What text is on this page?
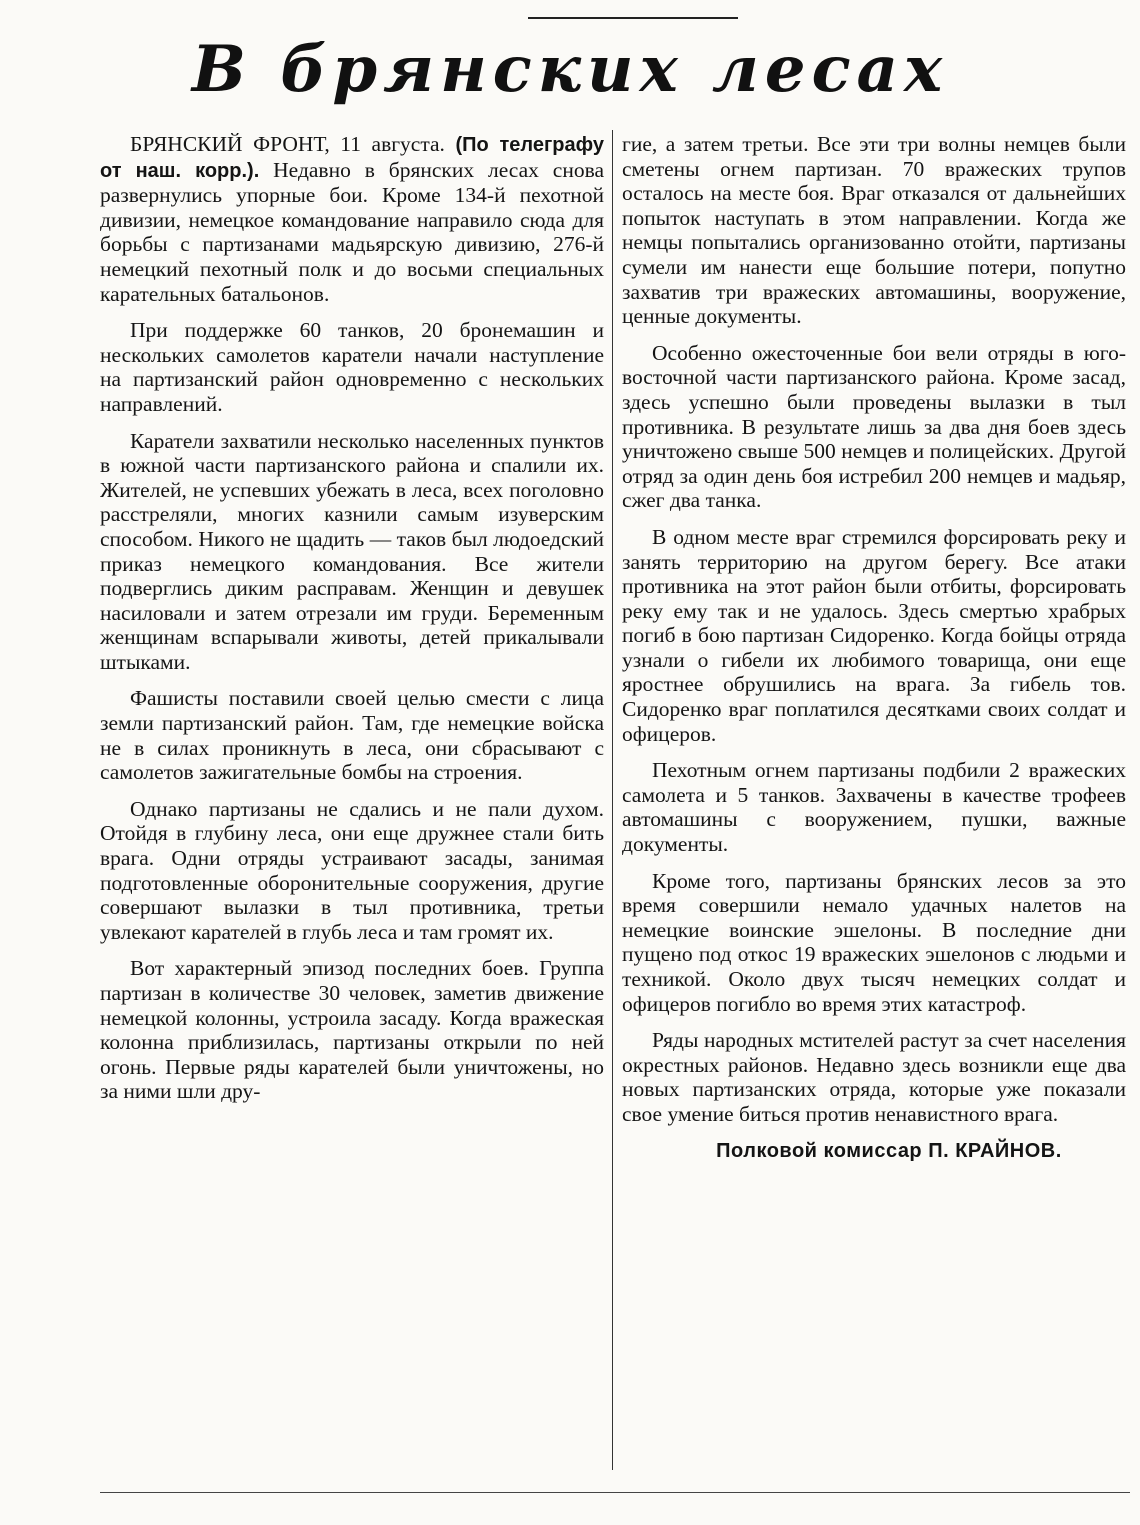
В брянских лесах

БРЯНСКИЙ ФРОНТ, 11 августа. (По телеграфу от наш. корр.). Недавно в брянских лесах снова развернулись упорные бои. Кроме 134-й пехотной дивизии, немецкое командование направило сюда для борьбы с партизанами мадьярскую дивизию, 276-й немецкий пехотный полк и до восьми специальных карательных батальонов.

При поддержке 60 танков, 20 бронемашин и нескольких самолетов каратели начали наступление на партизанский район одновременно с нескольких направлений.

Каратели захватили несколько населенных пунктов в южной части партизанского района и спалили их. Жителей, не успевших убежать в леса, всех поголовно расстреляли, многих казнили самым изуверским способом. Никого не щадить — таков был людоедский приказ немецкого командования. Все жители подверглись диким расправам. Женщин и девушек насиловали и затем отрезали им груди. Беременным женщинам вспарывали животы, детей прикалывали штыками.

Фашисты поставили своей целью смести с лица земли партизанский район. Там, где немецкие войска не в силах проникнуть в леса, они сбрасывают с самолетов зажигательные бомбы на строения.

Однако партизаны не сдались и не пали духом. Отойдя в глубину леса, они еще дружнее стали бить врага. Одни отряды устраивают засады, занимая подготовленные оборонительные сооружения, другие совершают вылазки в тыл противника, третьи увлекают карателей в глубь леса и там громят их.

Вот характерный эпизод последних боев. Группа партизан в количестве 30 человек, заметив движение немецкой колонны, устроила засаду. Когда вражеская колонна приблизилась, партизаны открыли по ней огонь. Первые ряды карателей были уничтожены, но за ними шли дру-

гие, а затем третьи. Все эти три волны немцев были сметены огнем партизан. 70 вражеских трупов осталось на месте боя. Враг отказался от дальнейших попыток наступать в этом направлении. Когда же немцы попытались организованно отойти, партизаны сумели им нанести еще большие потери, попутно захватив три вражеских автомашины, вооружение, ценные документы.

Особенно ожесточенные бои вели отряды в юго-восточной части партизанского района. Кроме засад, здесь успешно были проведены вылазки в тыл противника. В результате лишь за два дня боев здесь уничтожено свыше 500 немцев и полицейских. Другой отряд за один день боя истребил 200 немцев и мадьяр, сжег два танка.

В одном месте враг стремился форсировать реку и занять территорию на другом берегу. Все атаки противника на этот район были отбиты, форсировать реку ему так и не удалось. Здесь смертью храбрых погиб в бою партизан Сидоренко. Когда бойцы отряда узнали о гибели их любимого товарища, они еще яростнее обрушились на врага. За гибель тов. Сидоренко враг поплатился десятками своих солдат и офицеров.

Пехотным огнем партизаны подбили 2 вражеских самолета и 5 танков. Захвачены в качестве трофеев автомашины с вооружением, пушки, важные документы.

Кроме того, партизаны брянских лесов за это время совершили немало удачных налетов на немецкие воинские эшелоны. В последние дни пущено под откос 19 вражеских эшелонов с людьми и техникой. Около двух тысяч немецких солдат и офицеров погибло во время этих катастроф.

Ряды народных мстителей растут за счет населения окрестных районов. Недавно здесь возникли еще два новых партизанских отряда, которые уже показали свое умение биться против ненавистного врага.

Полковой комиссар П. КРАЙНОВ.
